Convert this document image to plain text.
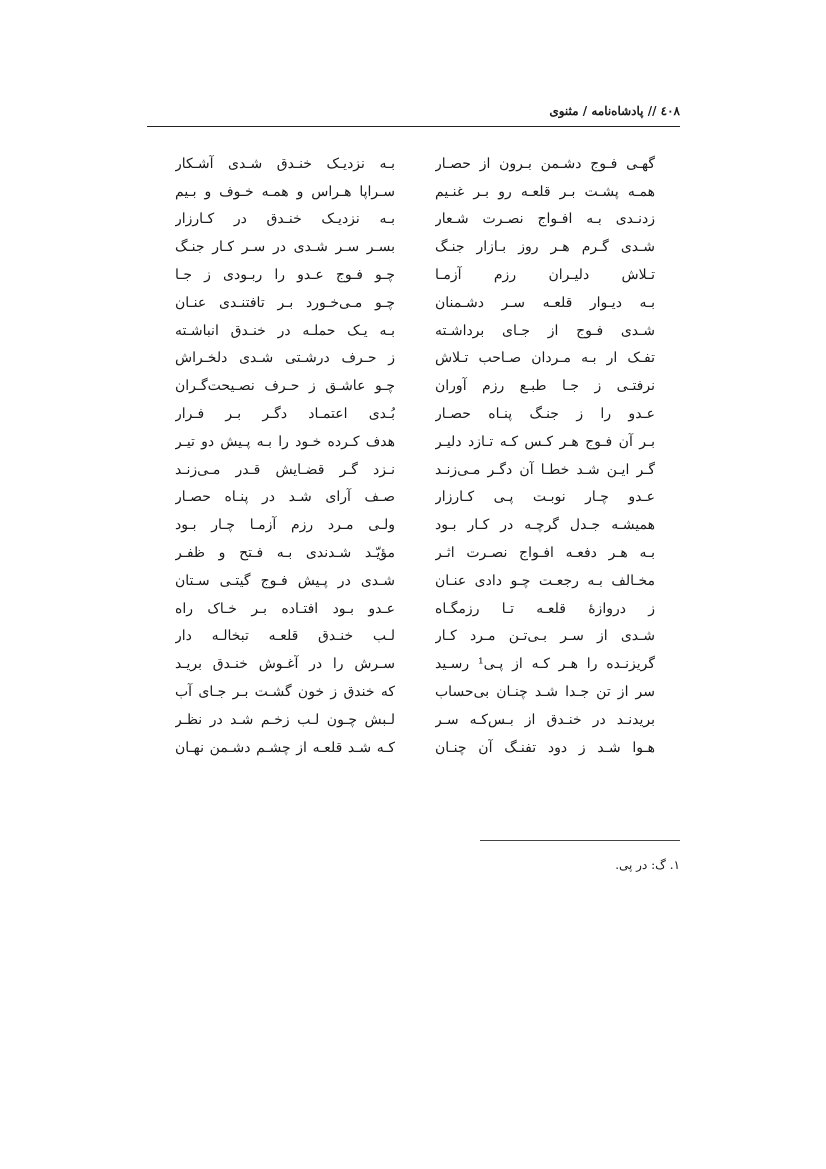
٤٠٨ // پادشاه‌نامه / مثنوی
گهـی فـوج دشـمن بـرون از حصـار
بـه نزدیـک خنـدق شـدی آشـکار
همـه پشـت بـر قلعـه رو بـر غنـیم
سـراپا هـراس و همـه خـوف و بـیم
زدنـدی بـه افـواج نصـرت شـعار
بـه نزدیـک خنـدق در کـارزار
شـدی گـرم هـر روز بـازار جنـگ
بسـر سـر شـدی در سـر کـار جنـگ
تـلاش دلیـران رزم آزمـا
چـو فـوج عـدو را ربـودی ز جـا
بـه دیـوار قلعـه سـر دشـمنان
چـو مـی‌خـورد بـر تافتنـدی عنـان
شـدی فـوج از جـای برداشـته
بـه یـک حملـه در خنـدق انباشـته
تفـک ار بـه مـردان صـاحب تـلاش
ز حـرف درشـتی شـدی دلخـراش
نرفتـی ز جـا طبـع رزم آوران
چـو عاشـق ز حـرف نصـیحت‌گـران
عـدو را ز جنـگ پنـاه حصـار
بُـدی اعتمـاد دگـر بـر فـرار
بـر آن فـوج هـر کـس کـه تـازد دلیـر
هدف کـرده خـود را بـه پـیش دو تیـر
گـر ایـن شـد خطـا آن دگـر مـی‌زنـد
نـزد گـر قضـایش قـدر مـی‌زنـد
عـدو چـار نوبـت پـی کـارزار
صـف آرای شـد در پنـاه حصـار
همیشـه جـدل گرچـه در کـار بـود
ولـی مـرد رزم آزمـا چـار بـود
بـه هـر دفعـه افـواج نصـرت اثـر
مؤیّـد شـدندی بـه فـتح و ظفـر
مخـالف بـه رجعـت چـو دادی عنـان
شـدی در پـیش فـوج گیتـی سـتان
ز دروازهٔ قلعـه تـا رزمگـاه
عـدو بـود افتـاده بـر خـاک راه
شـدی از سـر بـی‌تـن مـرد کـار
لـب خنـدق قلعـه تبخالـه دار
گریزنـده را هـر کـه از پـی¹ رسـید
سـرش را در آغـوش خنـدق بریـد
سر از تن جـدا شـد چنـان بی‌حساب
که خندق ز خون گشـت بـر جـای آب
بریدنـد در خنـدق از بـس‌کـه سـر
لـبش چـون لـب زخـم شـد در نظـر
هـوا شـد ز دود تفنـگ آن چنـان
کـه شـد قلعـه از چشـم دشـمن نهـان
۱. گ: در پی.
